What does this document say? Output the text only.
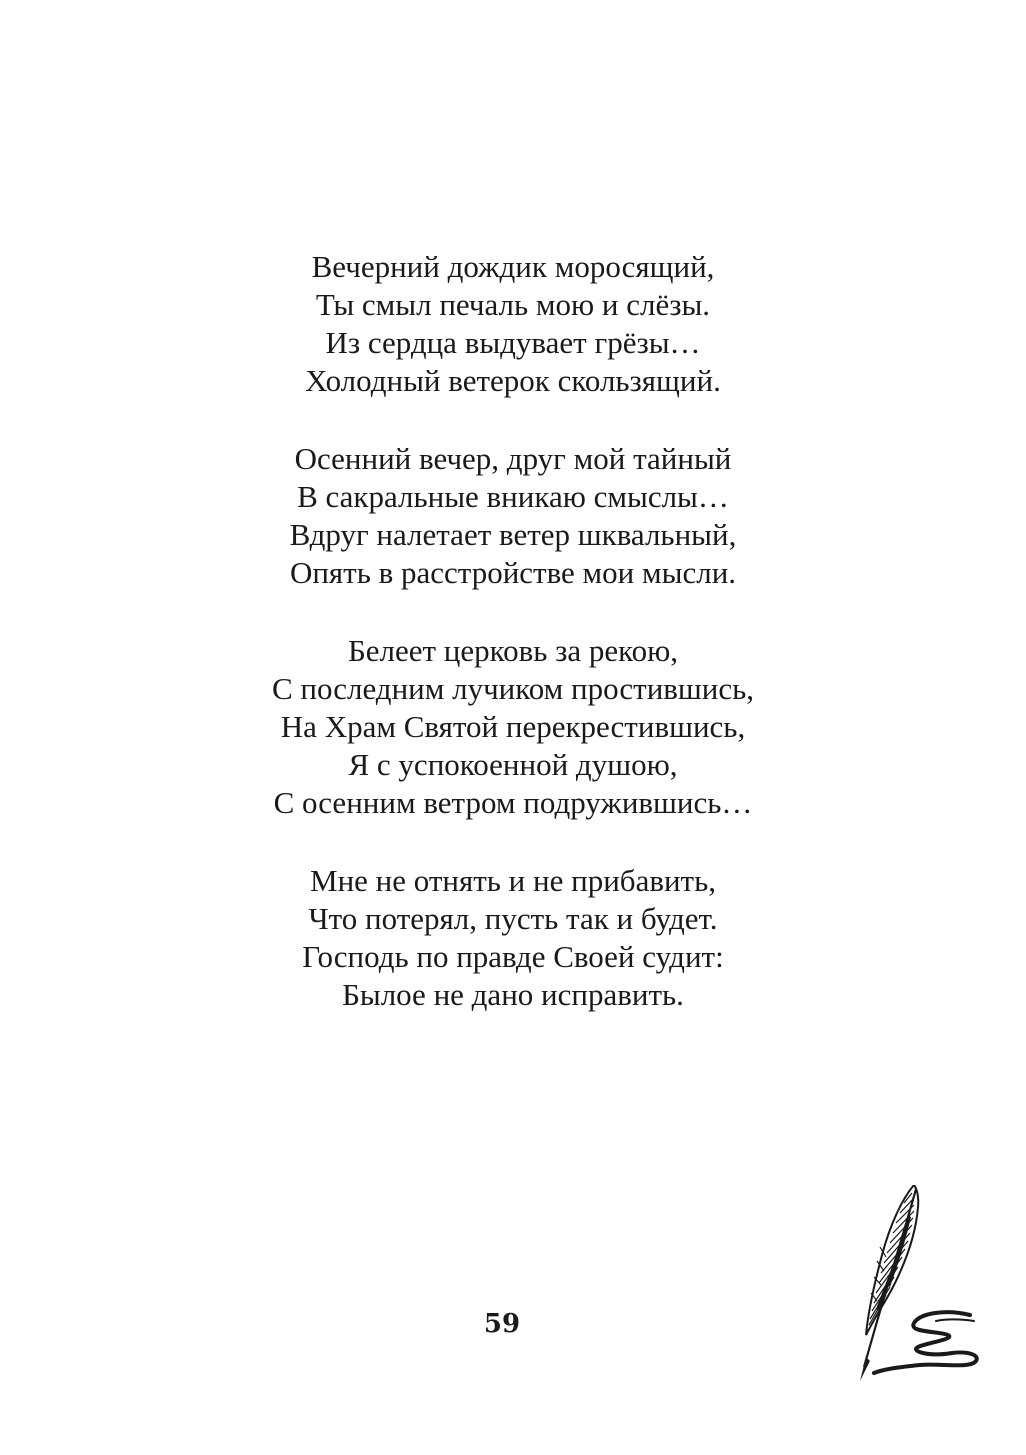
Вечерний дождик моросящий,
Ты смыл печаль мою и слёзы.
Из сердца выдувает грёзы…
Холодный ветерок скользящий.
Осенний вечер, друг мой тайный
В сакральные вникаю смыслы…
Вдруг налетает ветер шквальный,
Опять в расстройстве мои мысли.
Белеет церковь за рекою,
С последним лучиком простившись,
На Храм Святой перекрестившись,
Я с успокоенной душою,
С осенним ветром подружившись…
Мне не отнять и не прибавить,
Что потерял, пусть так и будет.
Господь по правде Своей судит:
Былое не дано исправить.
59
